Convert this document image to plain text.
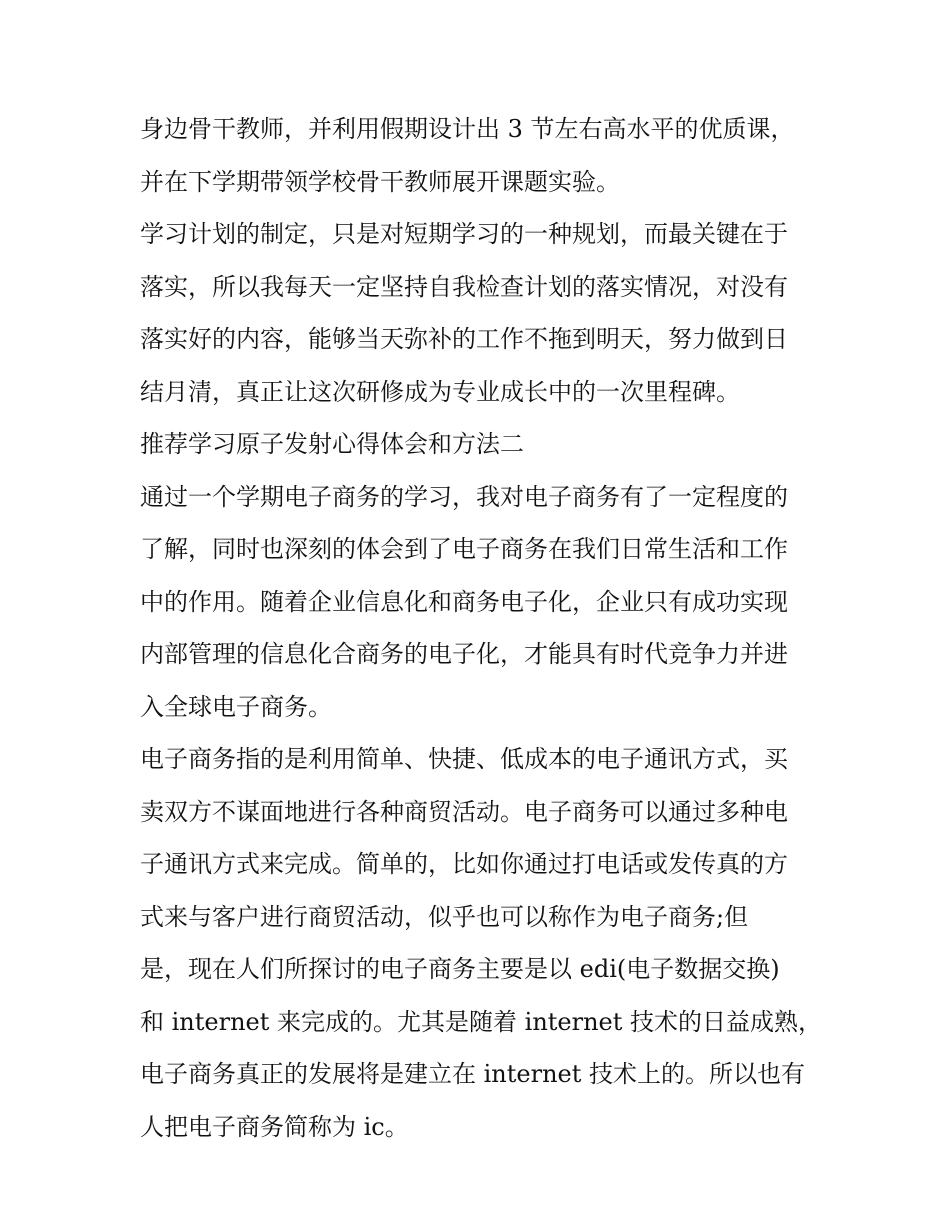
身边骨干教师，并利用假期设计出 3 节左右高水平的优质课，
并在下学期带领学校骨干教师展开课题实验。
学习计划的制定，只是对短期学习的一种规划，而最关键在于
落实，所以我每天一定坚持自我检查计划的落实情况，对没有
落实好的内容，能够当天弥补的工作不拖到明天，努力做到日
结月清，真正让这次研修成为专业成长中的一次里程碑。
推荐学习原子发射心得体会和方法二
通过一个学期电子商务的学习，我对电子商务有了一定程度的
了解，同时也深刻的体会到了电子商务在我们日常生活和工作
中的作用。随着企业信息化和商务电子化，企业只有成功实现
内部管理的信息化合商务的电子化，才能具有时代竞争力并进
入全球电子商务。
电子商务指的是利用简单、快捷、低成本的电子通讯方式，买
卖双方不谋面地进行各种商贸活动。电子商务可以通过多种电
子通讯方式来完成。简单的，比如你通过打电话或发传真的方
式来与客户进行商贸活动，似乎也可以称作为电子商务;但
是，现在人们所探讨的电子商务主要是以 edi(电子数据交换)
和 internet 来完成的。尤其是随着 internet 技术的日益成熟，
电子商务真正的发展将是建立在 internet 技术上的。所以也有
人把电子商务简称为 ic。
